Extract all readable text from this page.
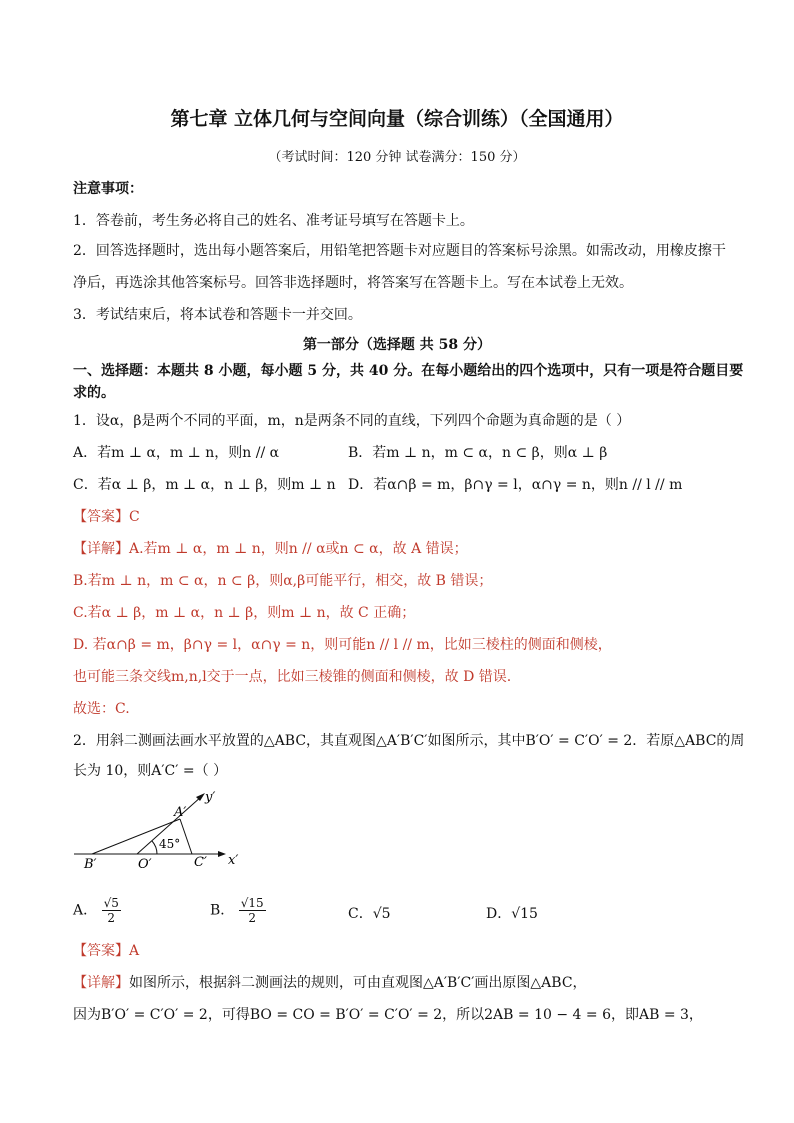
第七章 立体几何与空间向量（综合训练）（全国通用）
（考试时间：120 分钟 试卷满分：150 分）
注意事项：
1．答卷前，考生务必将自己的姓名、准考证号填写在答题卡上。
2．回答选择题时，选出每小题答案后，用铅笔把答题卡对应题目的答案标号涂黑。如需改动，用橡皮擦干
净后，再选涂其他答案标号。回答非选择题时，将答案写在答题卡上。写在本试卷上无效。
3．考试结束后，将本试卷和答题卡一并交回。
第一部分（选择题 共 58 分）
一、选择题：本题共 8 小题，每小题 5 分，共 40 分。在每小题给出的四个选项中，只有一项是符合题目要
求的。
1．设α，β是两个不同的平面，m，n是两条不同的直线，下列四个命题为真命题的是（ ）
A．若m ⊥ α，m ⊥ n，则n // α	B．若m ⊥ n，m ⊂ α，n ⊂ β，则α ⊥ β
C．若α ⊥ β，m ⊥ α，n ⊥ β，则m ⊥ n D．若α∩β = m，β∩γ = l，α∩γ = n，则n // l // m
【答案】C
【详解】A.若m ⊥ α，m ⊥ n，则n // α或n ⊂ α，故 A 错误；
B.若m ⊥ n，m ⊂ α，n ⊂ β，则α,β可能平行，相交，故 B 错误；
C.若α ⊥ β，m ⊥ α，n ⊥ β，则m ⊥ n，故 C 正确；
D. 若α∩β = m，β∩γ = l，α∩γ = n，则可能n // l // m，比如三棱柱的侧面和侧棱，
也可能三条交线m,n,l交于一点，比如三棱锥的侧面和侧棱，故 D 错误.
故选：C.
2．用斜二测画法画水平放置的△ABC，其直观图△A′B′C′如图所示，其中B′O′ = C′O′ = 2．若原△ABC的周
长为 10，则A′C′ =（ ）
y′
A′
45°
B′	O′	C′ x′
A． $\frac{√5}{2}$	B． $\frac{√15}{2}$	C．√5	D．√15
【答案】A
【详解】如图所示，根据斜二测画法的规则，可由直观图△A′B′C′画出原图△ABC，
因为B′O′ = C′O′ = 2，可得BO = CO = B′O′ = C′O′ = 2，所以2AB = 10 − 4 = 6，即AB = 3，
